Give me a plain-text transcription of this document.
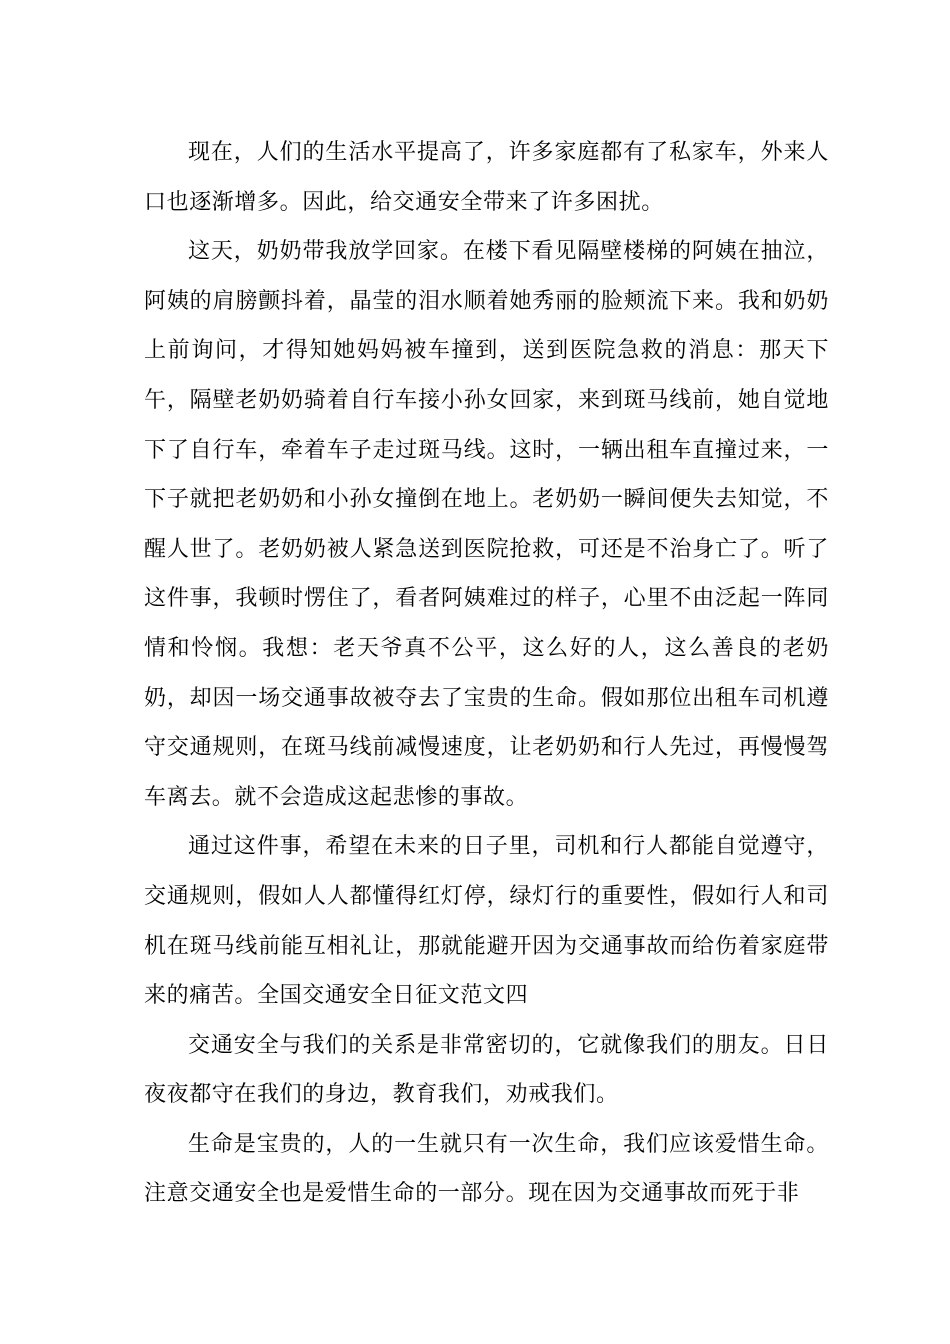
现在，人们的生活水平提高了，许多家庭都有了私家车，外来人口也逐渐增多。因此，给交通安全带来了许多困扰。

这天，奶奶带我放学回家。在楼下看见隔壁楼梯的阿姨在抽泣，阿姨的肩膀颤抖着，晶莹的泪水顺着她秀丽的脸颊流下来。我和奶奶上前询问，才得知她妈妈被车撞到，送到医院急救的消息：那天下午，隔壁老奶奶骑着自行车接小孙女回家，来到斑马线前，她自觉地下了自行车，牵着车子走过斑马线。这时，一辆出租车直撞过来，一下子就把老奶奶和小孙女撞倒在地上。老奶奶一瞬间便失去知觉，不醒人世了。老奶奶被人紧急送到医院抢救，可还是不治身亡了。听了这件事，我顿时愣住了，看者阿姨难过的样子，心里不由泛起一阵同情和怜悯。我想：老天爷真不公平，这么好的人，这么善良的老奶奶，却因一场交通事故被夺去了宝贵的生命。假如那位出租车司机遵守交通规则，在斑马线前减慢速度，让老奶奶和行人先过，再慢慢驾车离去。就不会造成这起悲惨的事故。

通过这件事，希望在未来的日子里，司机和行人都能自觉遵守，交通规则，假如人人都懂得红灯停，绿灯行的重要性，假如行人和司机在斑马线前能互相礼让，那就能避开因为交通事故而给伤着家庭带来的痛苦。全国交通安全日征文范文四

交通安全与我们的关系是非常密切的，它就像我们的朋友。日日夜夜都守在我们的身边，教育我们，劝戒我们。

生命是宝贵的，人的一生就只有一次生命，我们应该爱惜生命。注意交通安全也是爱惜生命的一部分。现在因为交通事故而死于非
